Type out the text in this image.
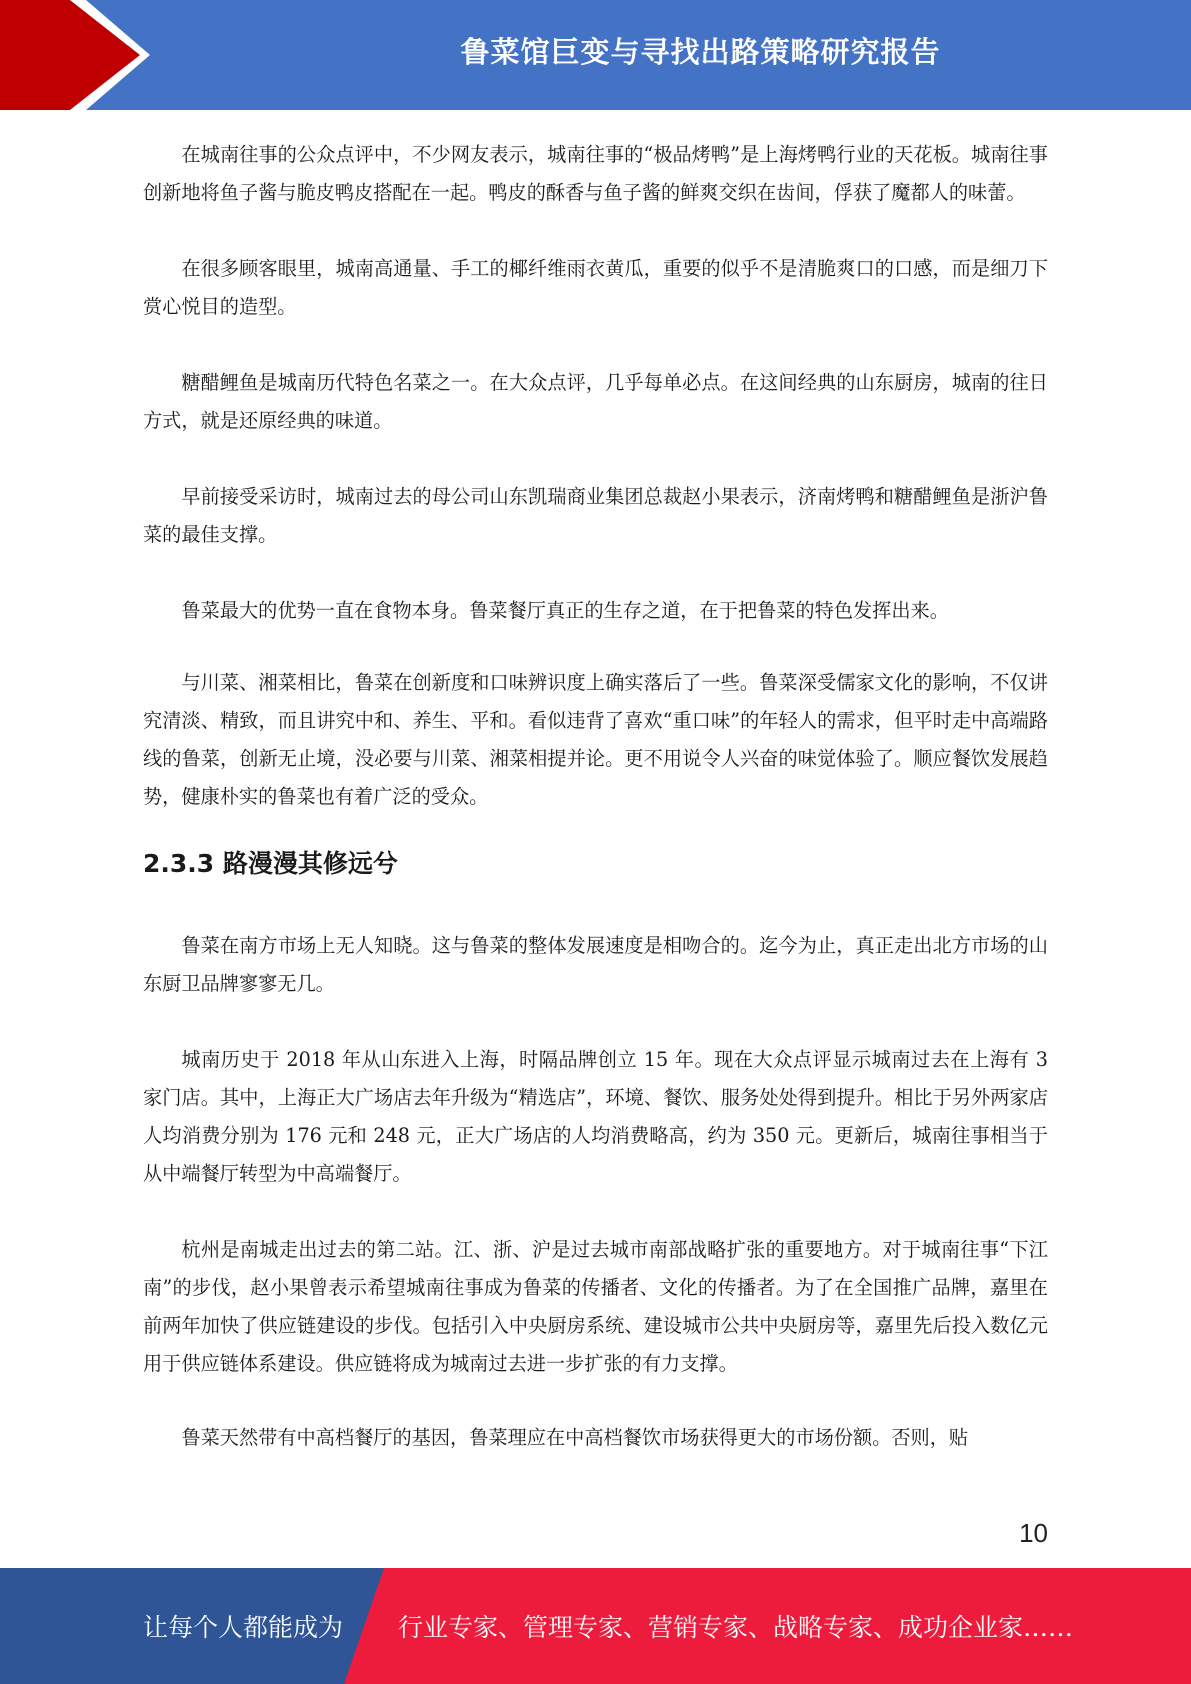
鲁菜馆巨变与寻找出路策略研究报告

在城南往事的公众点评中，不少网友表示，城南往事的“极品烤鸭”是上海烤鸭行业的天花板。城南往事创新地将鱼子酱与脆皮鸭皮搭配在一起。鸭皮的酥香与鱼子酱的鲜爽交织在齿间，俘获了魔都人的味蕾。

在很多顾客眼里，城南高通量、手工的椰纤维雨衣黄瓜，重要的似乎不是清脆爽口的口感，而是细刀下赏心悦目的造型。

糖醋鲤鱼是城南历代特色名菜之一。在大众点评，几乎每单必点。在这间经典的山东厨房，城南的往日方式，就是还原经典的味道。

早前接受采访时，城南过去的母公司山东凯瑞商业集团总裁赵小果表示，济南烤鸭和糖醋鲤鱼是浙沪鲁菜的最佳支撑。

鲁菜最大的优势一直在食物本身。鲁菜餐厅真正的生存之道，在于把鲁菜的特色发挥出来。

与川菜、湘菜相比，鲁菜在创新度和口味辨识度上确实落后了一些。鲁菜深受儒家文化的影响，不仅讲究清淡、精致，而且讲究中和、养生、平和。看似违背了喜欢“重口味”的年轻人的需求，但平时走中高端路线的鲁菜，创新无止境，没必要与川菜、湘菜相提并论。更不用说令人兴奋的味觉体验了。顺应餐饮发展趋势，健康朴实的鲁菜也有着广泛的受众。

2.3.3 路漫漫其修远兮

鲁菜在南方市场上无人知晓。这与鲁菜的整体发展速度是相吻合的。迄今为止，真正走出北方市场的山东厨卫品牌寥寥无几。

城南历史于 2018 年从山东进入上海，时隔品牌创立 15 年。现在大众点评显示城南过去在上海有 3 家门店。其中，上海正大广场店去年升级为“精选店”，环境、餐饮、服务处处得到提升。相比于另外两家店人均消费分别为 176 元和 248 元，正大广场店的人均消费略高，约为 350 元。更新后，城南往事相当于从中端餐厅转型为中高端餐厅。

杭州是南城走出过去的第二站。江、浙、沪是过去城市南部战略扩张的重要地方。对于城南往事“下江南”的步伐，赵小果曾表示希望城南往事成为鲁菜的传播者、文化的传播者。为了在全国推广品牌，嘉里在前两年加快了供应链建设的步伐。包括引入中央厨房系统、建设城市公共中央厨房等，嘉里先后投入数亿元用于供应链体系建设。供应链将成为城南过去进一步扩张的有力支撑。

鲁菜天然带有中高档餐厅的基因，鲁菜理应在中高档餐饮市场获得更大的市场份额。否则，贴

10
让每个人都能成为 行业专家、管理专家、营销专家、战略专家、成功企业家……
